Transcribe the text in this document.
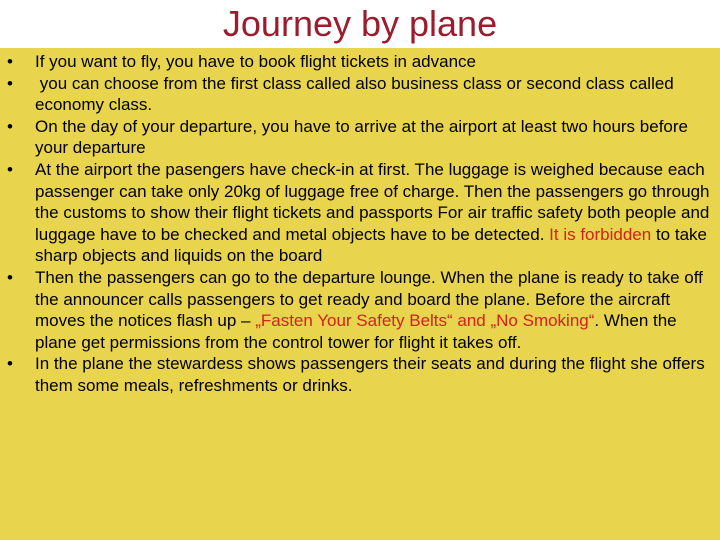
Journey by plane
• If you want to fly, you have to book flight tickets in advance
• you can choose from the first class called also business class or second class called economy class.
• On the day of your departure, you have to arrive at the airport at least two hours before your departure
• At the airport the pasengers have check-in at first. The luggage is weighed because each passenger can take only 20kg of luggage free of charge. Then the passengers go through the customs to show their flight tickets and passports For air traffic safety both people and luggage have to be checked and metal objects have to be detected. It is forbidden to take sharp objects and liquids on the board
• Then the passengers can go to the departure lounge. When the plane is ready to take off the announcer calls passengers to get ready and board the plane. Before the aircraft moves the notices flash up – „Fasten Your Safety Belts“ and „No Smoking“. When the plane get permissions from the control tower for flight it takes off.
• In the plane the stewardess shows passengers their seats and during the flight she offers them some meals, refreshments or drinks.
